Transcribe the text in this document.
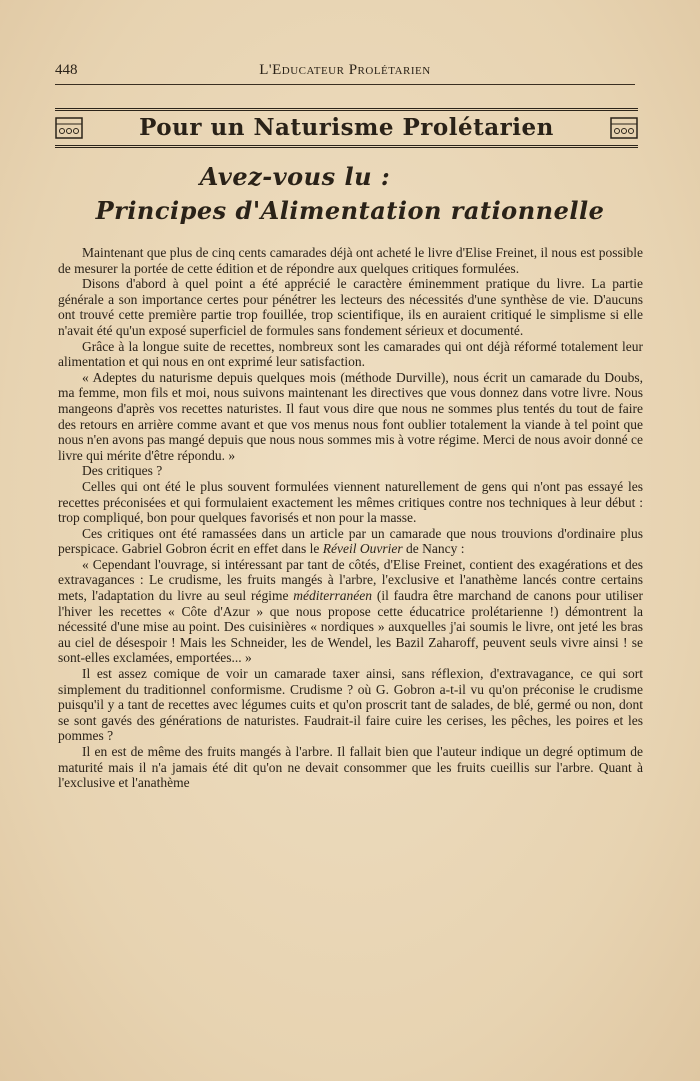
448	L'Educateur Prolétarien
Pour un Naturisme Prolétarien
Avez-vous lu :
Principes d'Alimentation rationnelle

Maintenant que plus de cinq cents camarades déjà ont acheté le livre d'Elise Freinet, il nous est possible de mesurer la portée de cette édition et de répondre aux quelques critiques formulées.

Disons d'abord à quel point a été apprécié le caractère éminemment pratique du livre. La partie générale a son importance certes pour pénétrer les lecteurs des nécessités d'une synthèse de vie. D'aucuns ont trouvé cette première partie trop fouillée, trop scientifique, ils en auraient critiqué le simplisme si elle n'avait été qu'un exposé superficiel de formules sans fondement sérieux et documenté.

Grâce à la longue suite de recettes, nombreux sont les camarades qui ont déjà réformé totalement leur alimentation et qui nous en ont exprimé leur satisfaction.

« Adeptes du naturisme depuis quelques mois (méthode Durville), nous écrit un camarade du Doubs, ma femme, mon fils et moi, nous suivons maintenant les directives que vous donnez dans votre livre. Nous mangeons d'après vos recettes naturistes. Il faut vous dire que nous ne sommes plus tentés du tout de faire des retours en arrière comme avant et que vos menus nous font oublier totalement la viande à tel point que nous n'en avons pas mangé depuis que nous nous sommes mis à votre régime. Merci de nous avoir donné ce livre qui mérite d'être répondu. »

Des critiques ?

Celles qui ont été le plus souvent formulées viennent naturellement de gens qui n'ont pas essayé les recettes préconisées et qui formulaient exactement les mêmes critiques contre nos techniques à leur début : trop compliqué, bon pour quelques favorisés et non pour la masse.

Ces critiques ont été ramassées dans un article par un camarade que nous trouvions d'ordinaire plus perspicace. Gabriel Gobron écrit en effet dans le Réveil Ouvrier de Nancy :

« Cependant l'ouvrage, si intéressant par tant de côtés, d'Elise Freinet, contient des exagérations et des extravagances : Le crudisme, les fruits mangés à l'arbre, l'exclusive et l'anathème lancés contre certains mets, l'adaptation du livre au seul régime méditerranéen (il faudra être marchand de canons pour utiliser l'hiver les recettes « Côte d'Azur » que nous propose cette éducatrice prolétarienne !) démontrent la nécessité d'une mise au point. Des cuisinières « nordiques » auxquelles j'ai soumis le livre, ont jeté les bras au ciel de désespoir ! Mais les Schneider, les de Wendel, les Bazil Zaharoff, peuvent seuls vivre ainsi ! se sont-elles exclamées, emportées... »

Il est assez comique de voir un camarade taxer ainsi, sans réflexion, d'extravagance, ce qui sort simplement du traditionnel conformisme. Crudisme ? où G. Gobron a-t-il vu qu'on préconise le crudisme puisqu'il y a tant de recettes avec légumes cuits et qu'on proscrit tant de salades, de blé, germé ou non, dont se sont gavés des générations de naturistes. Faudrait-il faire cuire les cerises, les pêches, les poires et les pommes ?

Il en est de même des fruits mangés à l'arbre. Il fallait bien que l'auteur indique un degré optimum de maturité mais il n'a jamais été dit qu'on ne devait consommer que les fruits cueillis sur l'arbre. Quant à l'exclusive et l'anathème
